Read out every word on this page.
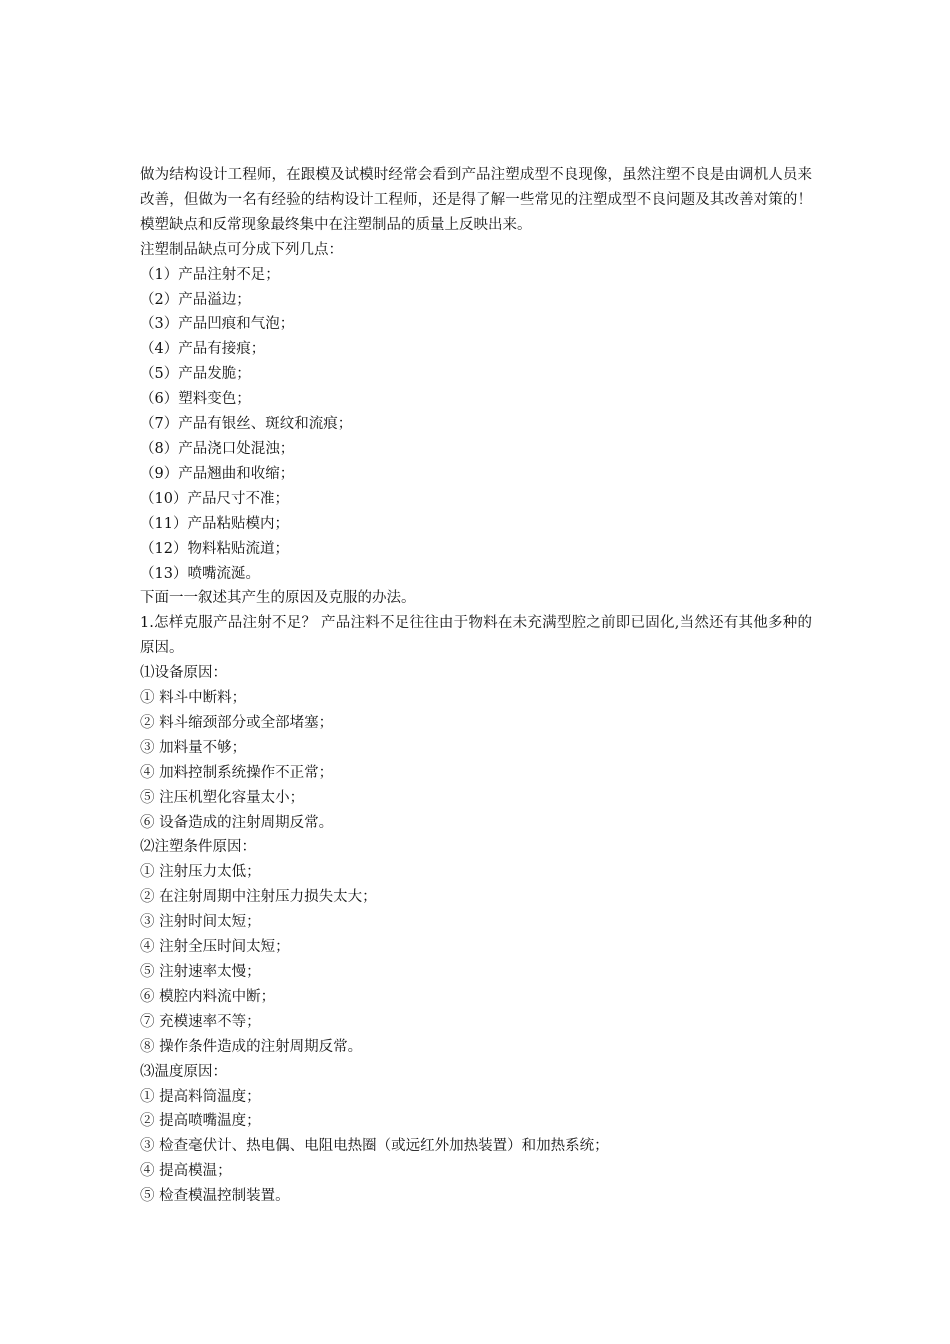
做为结构设计工程师，在跟模及试模时经常会看到产品注塑成型不良现像，虽然注塑不良是由调机人员来改善，但做为一名有经验的结构设计工程师，还是得了解一些常见的注塑成型不良问题及其改善对策的！模塑缺点和反常现象最终集中在注塑制品的质量上反映出来。

注塑制品缺点可分成下列几点：

（1）产品注射不足；

（2）产品溢边；

（3）产品凹痕和气泡；

（4）产品有接痕；

（5）产品发脆；

（6）塑料变色；

（7）产品有银丝、斑纹和流痕；

（8）产品浇口处混浊；

（9）产品翘曲和收缩；

（10）产品尺寸不准；

（11）产品粘贴模内；

（12）物料粘贴流道；

（13）喷嘴流涎。

下面一一叙述其产生的原因及克服的办法。

1.怎样克服产品注射不足？ 产品注料不足往往由于物料在未充满型腔之前即已固化,当然还有其他多种的原因。

⑴设备原因：

① 料斗中断料；

② 料斗缩颈部分或全部堵塞；

③ 加料量不够；

④ 加料控制系统操作不正常；

⑤ 注压机塑化容量太小；

⑥ 设备造成的注射周期反常。

⑵注塑条件原因：

① 注射压力太低；

② 在注射周期中注射压力损失太大；

③ 注射时间太短；

④ 注射全压时间太短；

⑤ 注射速率太慢；

⑥ 模腔内料流中断；

⑦ 充模速率不等；

⑧ 操作条件造成的注射周期反常。

⑶温度原因：

① 提高料筒温度；

② 提高喷嘴温度；

③ 检查毫伏计、热电偶、电阻电热圈（或远红外加热装置）和加热系统；

④ 提高模温；

⑤ 检查模温控制装置。
